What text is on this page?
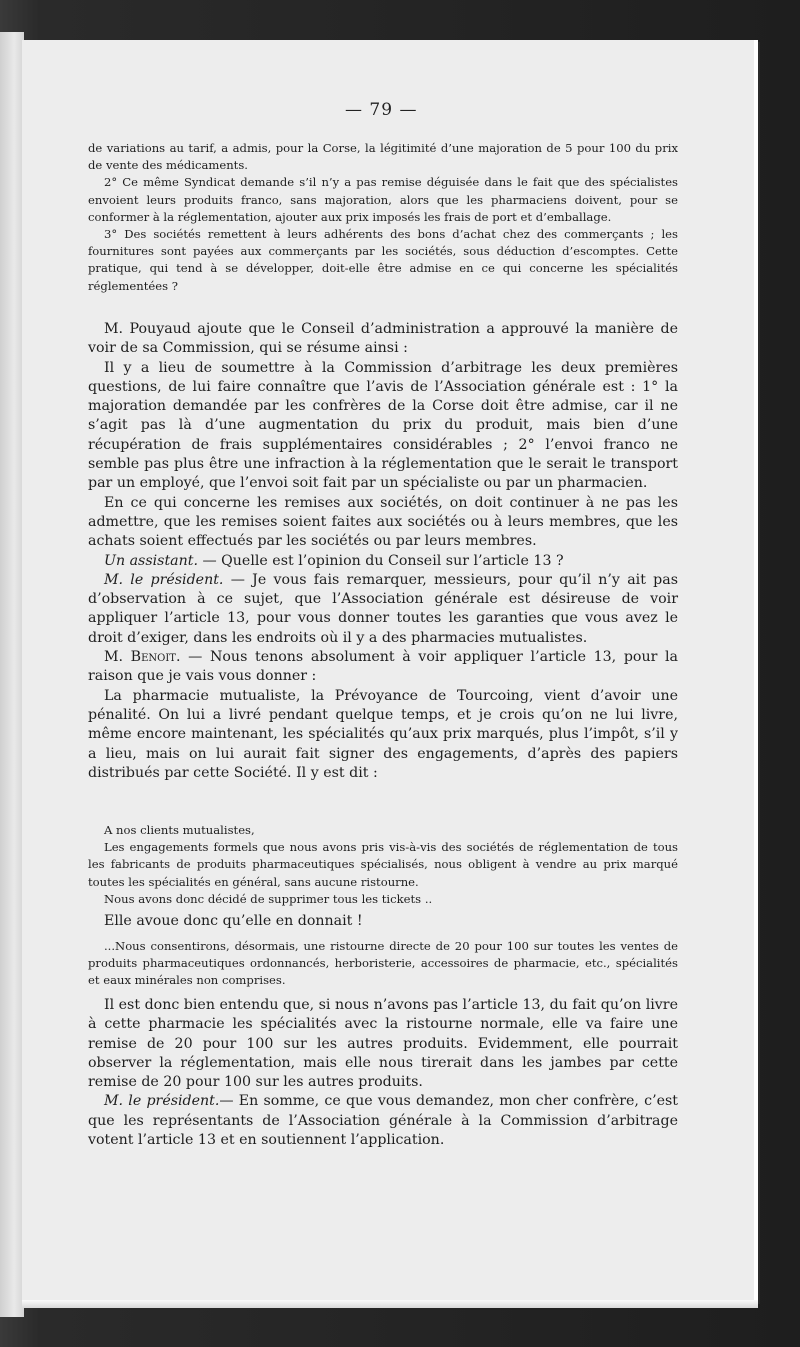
— 79 —

de variations au tarif, a admis, pour la Corse, la légitimité d’une majoration de 5 pour 100 du prix de vente des médicaments.

2° Ce même Syndicat demande s’il n’y a pas remise déguisée dans le fait que des spécialistes envoient leurs produits franco, sans majoration, alors que les pharmaciens doivent, pour se conformer à la réglementation, ajouter aux prix imposés les frais de port et d’emballage.

3° Des sociétés remettent à leurs adhérents des bons d’achat chez des commerçants ; les fournitures sont payées aux commerçants par les sociétés, sous déduction d’escomptes. Cette pratique, qui tend à se développer, doit-elle être admise en ce qui concerne les spécialités réglementées ?

M. Pouyaud ajoute que le Conseil d’administration a approuvé la manière de voir de sa Commission, qui se résume ainsi :

Il y a lieu de soumettre à la Commission d’arbitrage les deux premières questions, de lui faire connaître que l’avis de l’Association générale est : 1° la majoration demandée par les confrères de la Corse doit être admise, car il ne s’agit pas là d’une augmentation du prix du produit, mais bien d’une récupération de frais supplémentaires considérables ; 2° l’envoi franco ne semble pas plus être une infraction à la réglementation que le serait le transport par un employé, que l’envoi soit fait par un spécialiste ou par un pharmacien.

En ce qui concerne les remises aux sociétés, on doit continuer à ne pas les admettre, que les remises soient faites aux sociétés ou à leurs membres, que les achats soient effectués par les sociétés ou par leurs membres.

Un assistant. — Quelle est l’opinion du Conseil sur l’article 13 ?

M. le président. — Je vous fais remarquer, messieurs, pour qu’il n’y ait pas d’observation à ce sujet, que l’Association générale est désireuse de voir appliquer l’article 13, pour vous donner toutes les garanties que vous avez le droit d’exiger, dans les endroits où il y a des pharmacies mutualistes.

M. Benoit. — Nous tenons absolument à voir appliquer l’article 13, pour la raison que je vais vous donner :

La pharmacie mutualiste, la Prévoyance de Tourcoing, vient d’avoir une pénalité. On lui a livré pendant quelque temps, et je crois qu’on ne lui livre, même encore maintenant, les spécialités qu’aux prix marqués, plus l’impôt, s’il y a lieu, mais on lui aurait fait signer des engagements, d’après des papiers distribués par cette Société. Il y est dit :

A nos clients mutualistes,

Les engagements formels que nous avons pris vis-à-vis des sociétés de réglementation de tous les fabricants de produits pharmaceutiques spécialisés, nous obligent à vendre au prix marqué toutes les spécialités en général, sans aucune ristourne.

Nous avons donc décidé de supprimer tous les tickets ..

Elle avoue donc qu’elle en donnait !

...Nous consentirons, désormais, une ristourne directe de 20 pour 100 sur toutes les ventes de produits pharmaceutiques ordonnancés, herboristerie, accessoires de pharmacie, etc., spécialités et eaux minérales non comprises.

Il est donc bien entendu que, si nous n’avons pas l’article 13, du fait qu’on livre à cette pharmacie les spécialités avec la ristourne normale, elle va faire une remise de 20 pour 100 sur les autres produits. Evidemment, elle pourrait observer la réglementation, mais elle nous tirerait dans les jambes par cette remise de 20 pour 100 sur les autres produits.

M. le président.— En somme, ce que vous demandez, mon cher confrère, c’est que les représentants de l’Association générale à la Commission d’arbitrage votent l’article 13 et en soutiennent l’application.
